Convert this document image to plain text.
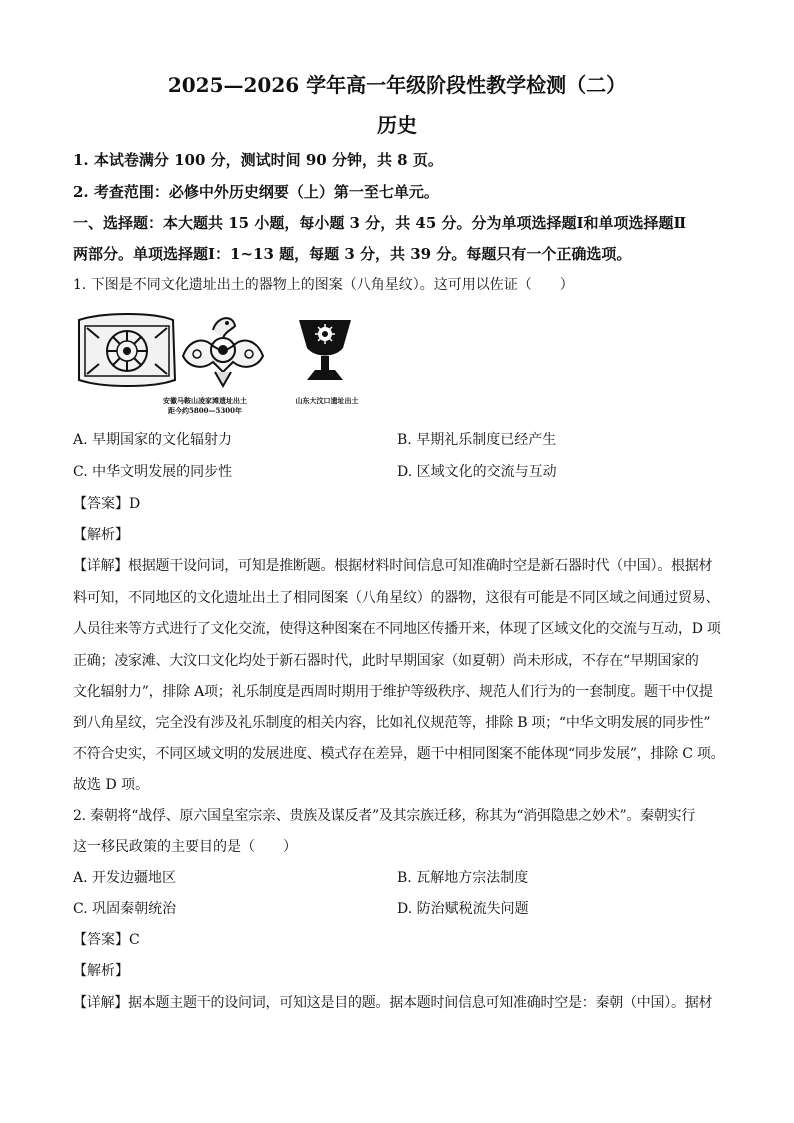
2025—2026 学年高一年级阶段性教学检测（二）
历史
1. 本试卷满分 100 分，测试时间 90 分钟，共 8 页。
2. 考查范围：必修中外历史纲要（上）第一至七单元。
一、选择题：本大题共 15 小题，每小题 3 分，共 45 分。分为单项选择题Ⅰ和单项选择题Ⅱ
两部分。单项选择题Ⅰ：1~13 题，每题 3 分，共 39 分。每题只有一个正确选项。
1. 下图是不同文化遗址出土的器物上的图案（八角星纹）。这可用以佐证（　　）
安徽马鞍山凌家滩遗址出土
距今约5800—5300年
山东大汶口遗址出土
A. 早期国家的文化辐射力	B. 早期礼乐制度已经产生
C. 中华文明发展的同步性	D. 区域文化的交流与互动
【答案】D
【解析】
【详解】根据题干设问词，可知是推断题。根据材料时间信息可知准确时空是新石器时代（中国）。根据材
料可知，不同地区的文化遗址出土了相同图案（八角星纹）的器物，这很有可能是不同区域之间通过贸易、
人员往来等方式进行了文化交流，使得这种图案在不同地区传播开来，体现了区域文化的交流与互动，D 项
正确；凌家滩、大汶口文化均处于新石器时代，此时早期国家（如夏朝）尚未形成，不存在“早期国家的
文化辐射力”，排除 A项；礼乐制度是西周时期用于维护等级秩序、规范人们行为的一套制度。题干中仅提
到八角星纹，完全没有涉及礼乐制度的相关内容，比如礼仪规范等，排除 B 项；“中华文明发展的同步性”
不符合史实，不同区域文明的发展进度、模式存在差异，题干中相同图案不能体现“同步发展”，排除 C 项。
故选 D 项。
2. 秦朝将“战俘、原六国皇室宗亲、贵族及谋反者”及其宗族迁移，称其为“消弭隐患之妙术”。秦朝实行
这一移民政策的主要目的是（　　）
A. 开发边疆地区	B. 瓦解地方宗法制度
C. 巩固秦朝统治	D. 防治赋税流失问题
【答案】C
【解析】
【详解】据本题主题干的设问词，可知这是目的题。据本题时间信息可知准确时空是：秦朝（中国）。据材
